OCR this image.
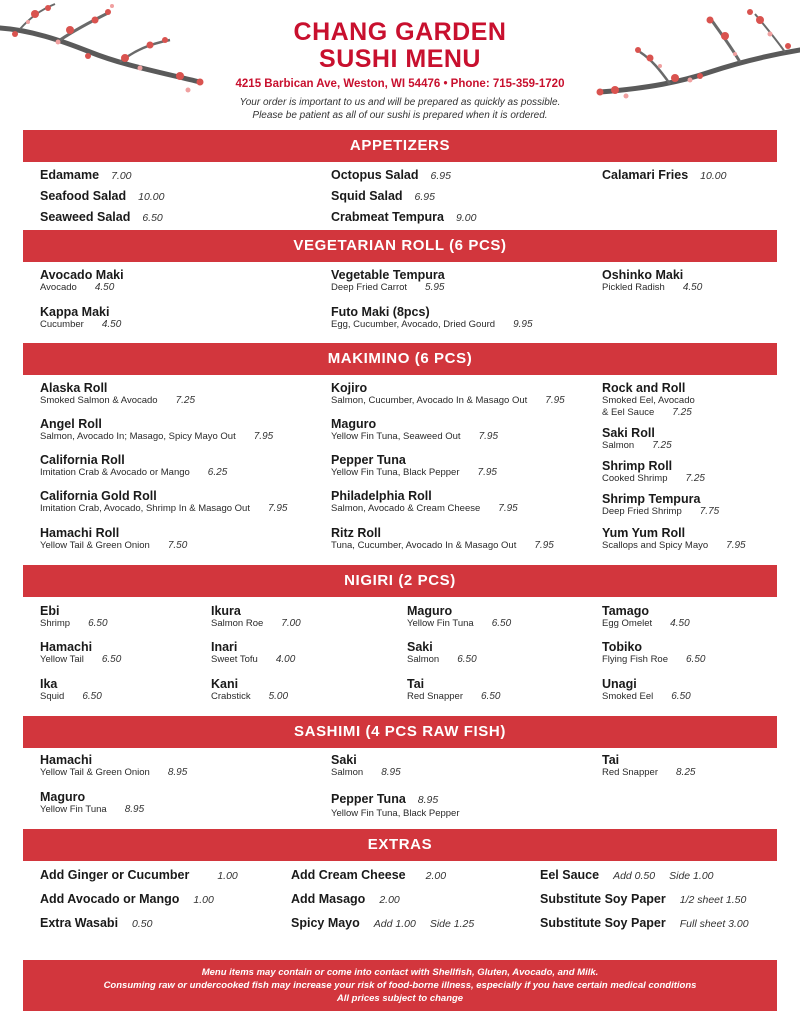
CHANG GARDEN
SUSHI MENU
4215 Barbican Ave, Weston, WI 54476 • Phone: 715-359-1720
Your order is important to us and will be prepared as quickly as possible.
Please be patient as all of our sushi is prepared when it is ordered.
APPETIZERS
Edamame 7.00
Seafood Salad 10.00
Seaweed Salad 6.50
Octopus Salad 6.95
Squid Salad 6.95
Crabmeat Tempura 9.00
Calamari Fries 10.00
VEGETARIAN ROLL (6 PCS)
Avocado Maki
Avocado 4.50
Kappa Maki
Cucumber 4.50
Vegetable Tempura
Deep Fried Carrot 5.95
Futo Maki (8pcs)
Egg, Cucumber, Avocado, Dried Gourd 9.95
Oshinko Maki
Pickled Radish 4.50
MAKIMINO (6 PCS)
Alaska Roll
Smoked Salmon & Avocado 7.25
Angel Roll
Salmon, Avocado In; Masago, Spicy Mayo Out 7.95
California Roll
Imitation Crab & Avocado or Mango 6.25
California Gold Roll
Imitation Crab, Avocado, Shrimp In & Masago Out 7.95
Hamachi Roll
Yellow Tail & Green Onion 7.50
Kojiro
Salmon, Cucumber, Avocado In & Masago Out 7.95
Maguro
Yellow Fin Tuna, Seaweed Out 7.95
Pepper Tuna
Yellow Fin Tuna, Black Pepper 7.95
Philadelphia Roll
Salmon, Avocado & Cream Cheese 7.95
Ritz Roll
Tuna, Cucumber, Avocado In & Masago Out 7.95
Rock and Roll
Smoked Eel, Avocado
& Eel Sauce 7.25
Saki Roll
Salmon 7.25
Shrimp Roll
Cooked Shrimp 7.25
Shrimp Tempura
Deep Fried Shrimp 7.75
Yum Yum Roll
Scallops and Spicy Mayo 7.95
NIGIRI (2 PCS)
Ebi
Shrimp 6.50
Hamachi
Yellow Tail 6.50
Ika
Squid 6.50
Ikura
Salmon Roe 7.00
Inari
Sweet Tofu 4.00
Kani
Crabstick 5.00
Maguro
Yellow Fin Tuna 6.50
Saki
Salmon 6.50
Tai
Red Snapper 6.50
Tamago
Egg Omelet 4.50
Tobiko
Flying Fish Roe 6.50
Unagi
Smoked Eel 6.50
SASHIMI (4 PCS RAW FISH)
Hamachi
Yellow Tail & Green Onion 8.95
Maguro
Yellow Fin Tuna 8.95
Saki
Salmon 8.95
Pepper Tuna 8.95
Yellow Fin Tuna, Black Pepper
Tai
Red Snapper 8.25
EXTRAS
Add Ginger or Cucumber	1.00
Add Avocado or Mango 1.00
Extra Wasabi 0.50
Add Cream Cheese 2.00
Add Masago 2.00
Spicy Mayo Add 1.00 Side 1.25
Eel Sauce Add 0.50 Side 1.00
Substitute Soy Paper 1/2 sheet 1.50
Substitute Soy Paper Full sheet 3.00
Menu items may contain or come into contact with Shellfish, Gluten, Avocado, and Milk.
Consuming raw or undercooked fish may increase your risk of food-borne illness, especially if you have certain medical conditions
All prices subject to change
